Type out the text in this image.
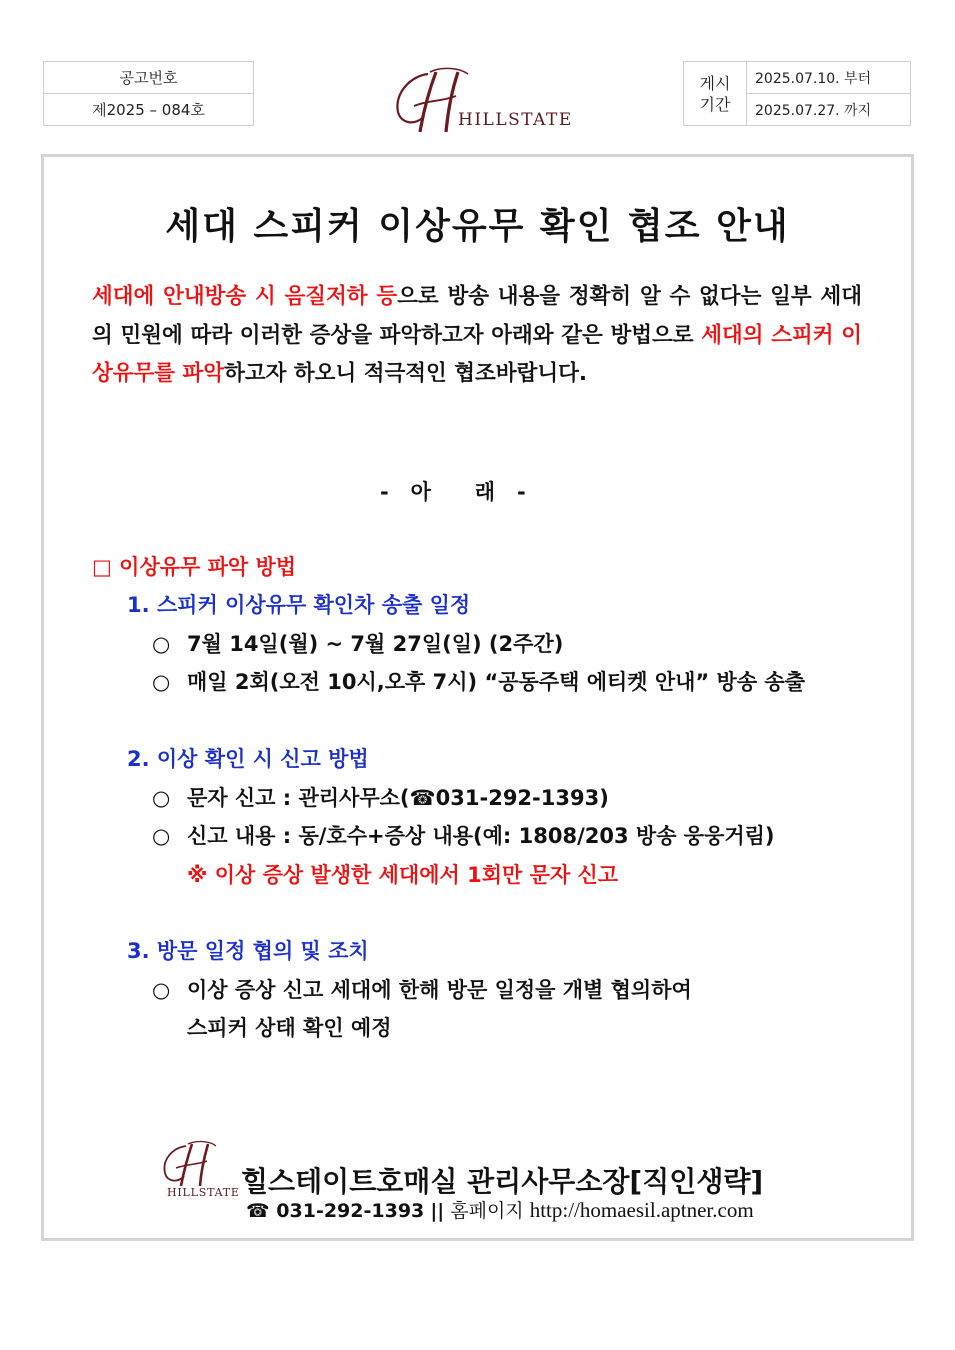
공고번호
제2025 – 084호	HILLSTATE
게시
기간
2025.07.10. 부터
2025.07.27. 까지
세대 스피커 이상유무 확인 협조 안내
세대에 안내방송 시 음질저하 등으로 방송 내용을 정확히 알 수 없다는 일부 세대의 민원에 따라 이러한 증상을 파악하고자 아래와 같은 방법으로 세대의 스피커 이상유무를 파악하고자 하오니 적극적인 협조바랍니다.
-   아      래   -
□ 이상유무 파악 방법
1. 스피커 이상유무 확인차 송출 일정
○ 7월 14일(월) ~ 7월 27일(일) (2주간)
○ 매일 2회(오전 10시,오후 7시) “공동주택 에티켓 안내” 방송 송출
2. 이상 확인 시 신고 방법
○ 문자 신고 : 관리사무소(☎031-292-1393)
○ 신고 내용 : 동/호수+증상 내용(예: 1808/203 방송 웅웅거림)
※ 이상 증상 발생한 세대에서 1회만 문자 신고
3. 방문 일정 협의 및 조치
○ 이상 증상 신고 세대에 한해 방문 일정을 개별 협의하여
스피커 상태 확인 예정
HILLSTATE 힐스테이트호매실 관리사무소장[직인생략]
☎ 031-292-1393 || 홈페이지 http://homaesil.aptner.com
